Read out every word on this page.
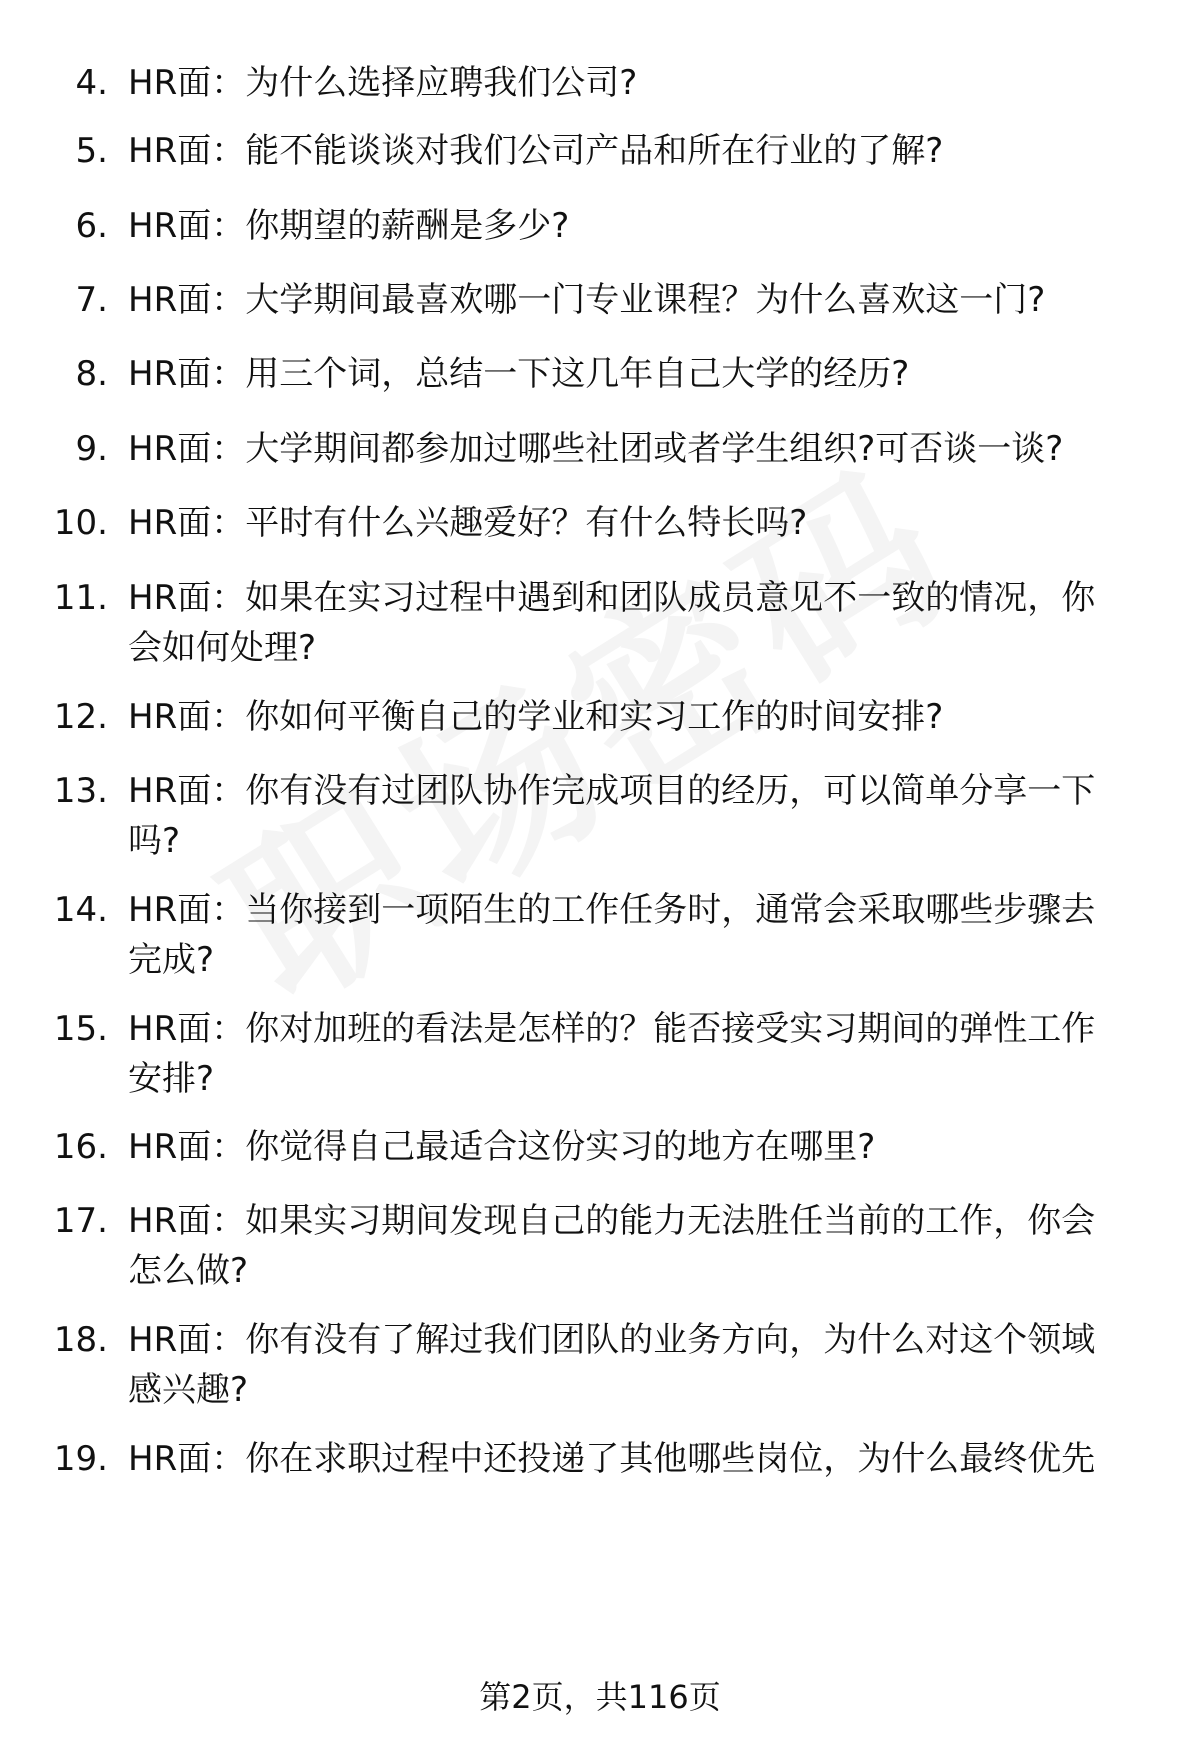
4. HR面：为什么选择应聘我们公司?
5. HR面：能不能谈谈对我们公司产品和所在行业的了解?
6. HR面：你期望的薪酬是多少?
7. HR面：大学期间最喜欢哪一门专业课程？为什么喜欢这一门?
8. HR面：用三个词，总结一下这几年自己大学的经历?
9. HR面：大学期间都参加过哪些社团或者学生组织?可否谈一谈?
10. HR面：平时有什么兴趣爱好？有什么特长吗?
11. HR面：如果在实习过程中遇到和团队成员意见不一致的情况，你
会如何处理?
12. HR面：你如何平衡自己的学业和实习工作的时间安排?
13. HR面：你有没有过团队协作完成项目的经历，可以简单分享一下
吗?
14. HR面：当你接到一项陌生的工作任务时，通常会采取哪些步骤去
完成?
15. HR面：你对加班的看法是怎样的？能否接受实习期间的弹性工作
安排?
16. HR面：你觉得自己最适合这份实习的地方在哪里?
17. HR面：如果实习期间发现自己的能力无法胜任当前的工作，你会
怎么做?
18. HR面：你有没有了解过我们团队的业务方向，为什么对这个领域
感兴趣?
19. HR面：你在求职过程中还投递了其他哪些岗位，为什么最终优先
第2页，共116页
